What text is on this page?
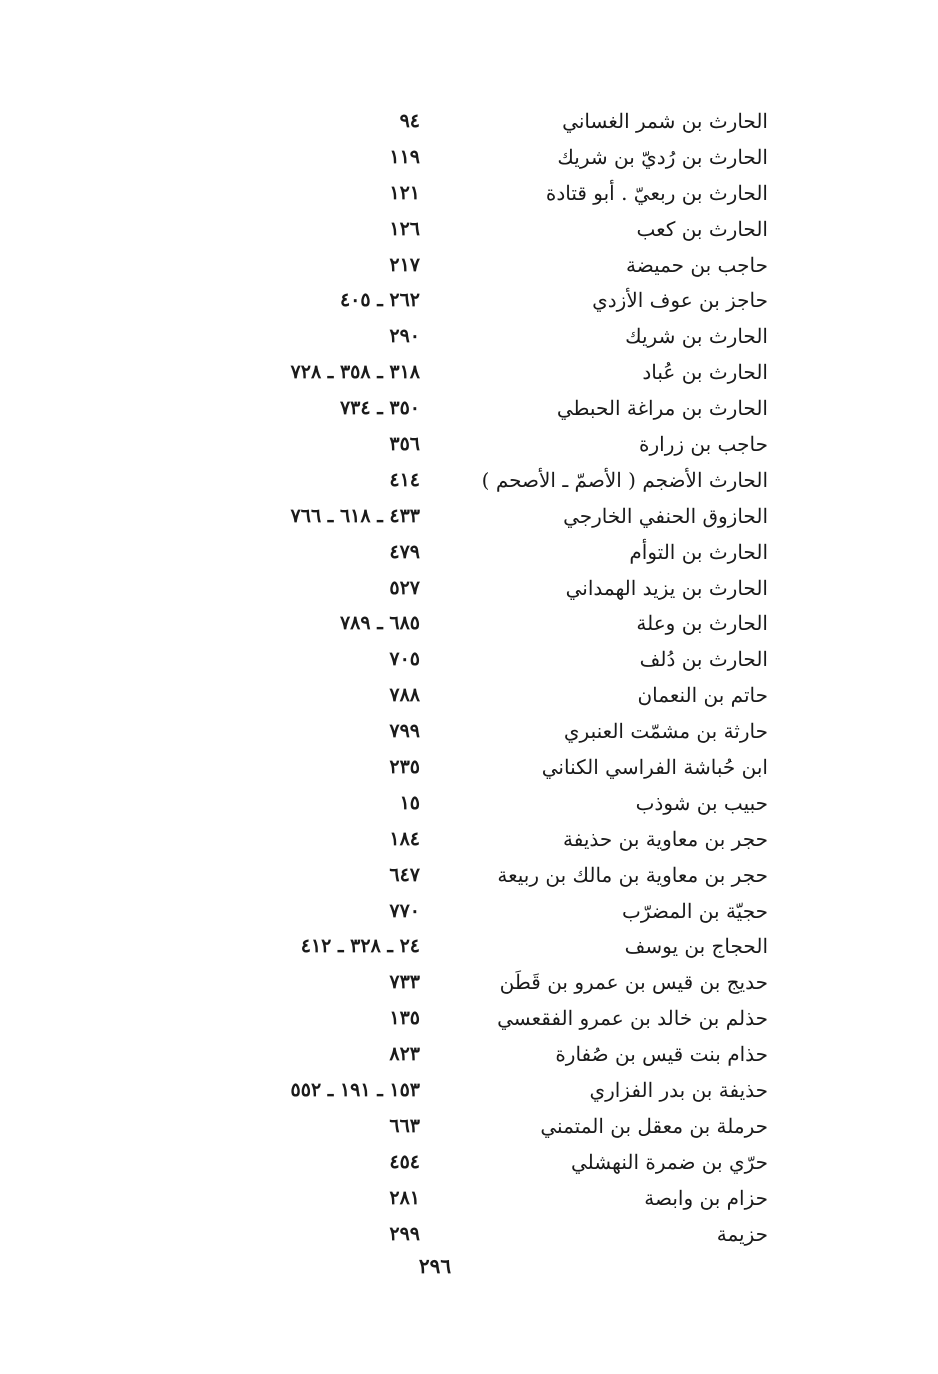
الحارث بن شمر الغساني
٩٤
الحارث بن رُديّ بن شريك
١١٩
الحارث بن ربعيّ . أبو قتادة
١٢١
الحارث بن كعب
١٢٦
حاجب بن حميضة
٢١٧
حاجز بن عوف الأزدي
٢٦٢ ـ ٤٠٥
الحارث بن شريك
٢٩٠
الحارث بن عُباد
٣١٨ ـ ٣٥٨ ـ ٧٢٨
الحارث بن مراغة الحبطي
٣٥٠ ـ ٧٣٤
حاجب بن زرارة
٣٥٦
الحارث الأضجم ( الأصمّ ـ الأصحم )
٤١٤
الحازوق الحنفي الخارجي
٤٣٣ ـ ٦١٨ ـ ٧٦٦
الحارث بن التوأم
٤٧٩
الحارث بن يزيد الهمداني
٥٢٧
الحارث بن وعلة
٦٨٥ ـ ٧٨٩
الحارث بن دُلف
٧٠٥
حاتم بن النعمان
٧٨٨
حارثة بن مشمّت العنبري
٧٩٩
ابن حُباشة الفراسي الكناني
٢٣٥
حبيب بن شوذب
١٥
حجر بن معاوية بن حذيفة
١٨٤
حجر بن معاوية بن مالك بن ربيعة
٦٤٧
حجيّة بن المضرّب
٧٧٠
الحجاج بن يوسف
٢٤ ـ ٣٢٨ ـ ٤١٢
حديج بن قيس بن عمرو بن قَطَن
٧٣٣
حذلم بن خالد بن عمرو الفقعسي
١٣٥
حذام بنت قيس بن صُفارة
٨٢٣
حذيفة بن بدر الفزاري
١٥٣ ـ ١٩١ ـ ٥٥٢
حرملة بن معقل بن المتمني
٦٦٣
حرّي بن ضمرة النهشلي
٤٥٤
حزام بن وابصة
٢٨١
حزيمة
٢٩٩
٢٩٦
